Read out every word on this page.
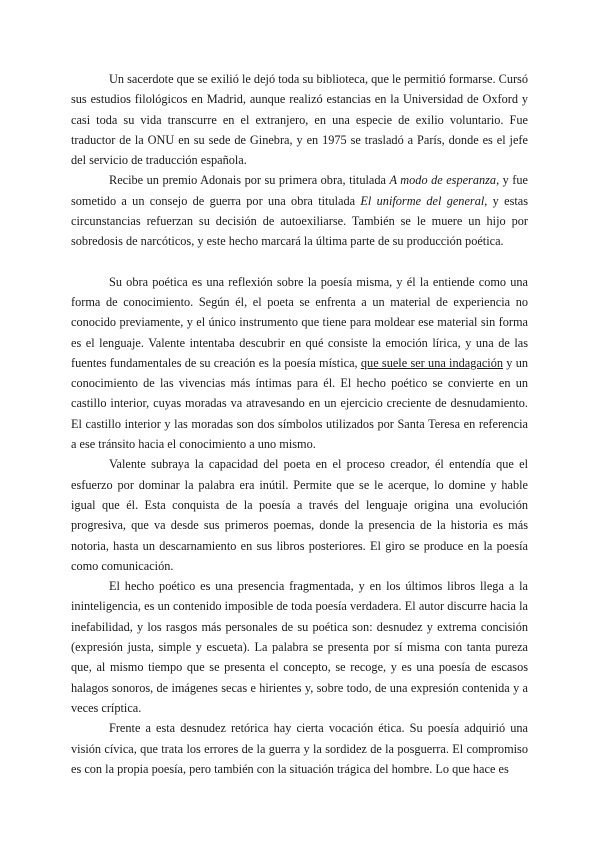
Un sacerdote que se exilió le dejó toda su biblioteca, que le permitió formarse. Cursó sus estudios filológicos en Madrid, aunque realizó estancias en la Universidad de Oxford y casi toda su vida transcurre en el extranjero, en una especie de exilio voluntario. Fue traductor de la ONU en su sede de Ginebra, y en 1975 se trasladó a París, donde es el jefe del servicio de traducción española.

Recibe un premio Adonais por su primera obra, titulada A modo de esperanza, y fue sometido a un consejo de guerra por una obra titulada El uniforme del general, y estas circunstancias refuerzan su decisión de autoexiliarse. También se le muere un hijo por sobredosis de narcóticos, y este hecho marcará la última parte de su producción poética.

Su obra poética es una reflexión sobre la poesía misma, y él la entiende como una forma de conocimiento. Según él, el poeta se enfrenta a un material de experiencia no conocido previamente, y el único instrumento que tiene para moldear ese material sin forma es el lenguaje. Valente intentaba descubrir en qué consiste la emoción lírica, y una de las fuentes fundamentales de su creación es la poesía mística, que suele ser una indagación y un conocimiento de las vivencias más íntimas para él. El hecho poético se convierte en un castillo interior, cuyas moradas va atravesando en un ejercicio creciente de desnudamiento. El castillo interior y las moradas son dos símbolos utilizados por Santa Teresa en referencia a ese tránsito hacia el conocimiento a uno mismo.

Valente subraya la capacidad del poeta en el proceso creador, él entendía que el esfuerzo por dominar la palabra era inútil. Permite que se le acerque, lo domine y hable igual que él. Esta conquista de la poesía a través del lenguaje origina una evolución progresiva, que va desde sus primeros poemas, donde la presencia de la historia es más notoria, hasta un descarnamiento en sus libros posteriores. El giro se produce en la poesía como comunicación.

El hecho poético es una presencia fragmentada, y en los últimos libros llega a la ininteligencia, es un contenido imposible de toda poesía verdadera. El autor discurre hacia la inefabilidad, y los rasgos más personales de su poética son: desnudez y extrema concisión (expresión justa, simple y escueta). La palabra se presenta por sí misma con tanta pureza que, al mismo tiempo que se presenta el concepto, se recoge, y es una poesía de escasos halagos sonoros, de imágenes secas e hirientes y, sobre todo, de una expresión contenida y a veces críptica.

Frente a esta desnudez retórica hay cierta vocación ética. Su poesía adquirió una visión cívica, que trata los errores de la guerra y la sordidez de la posguerra. El compromiso es con la propia poesía, pero también con la situación trágica del hombre. Lo que hace es
